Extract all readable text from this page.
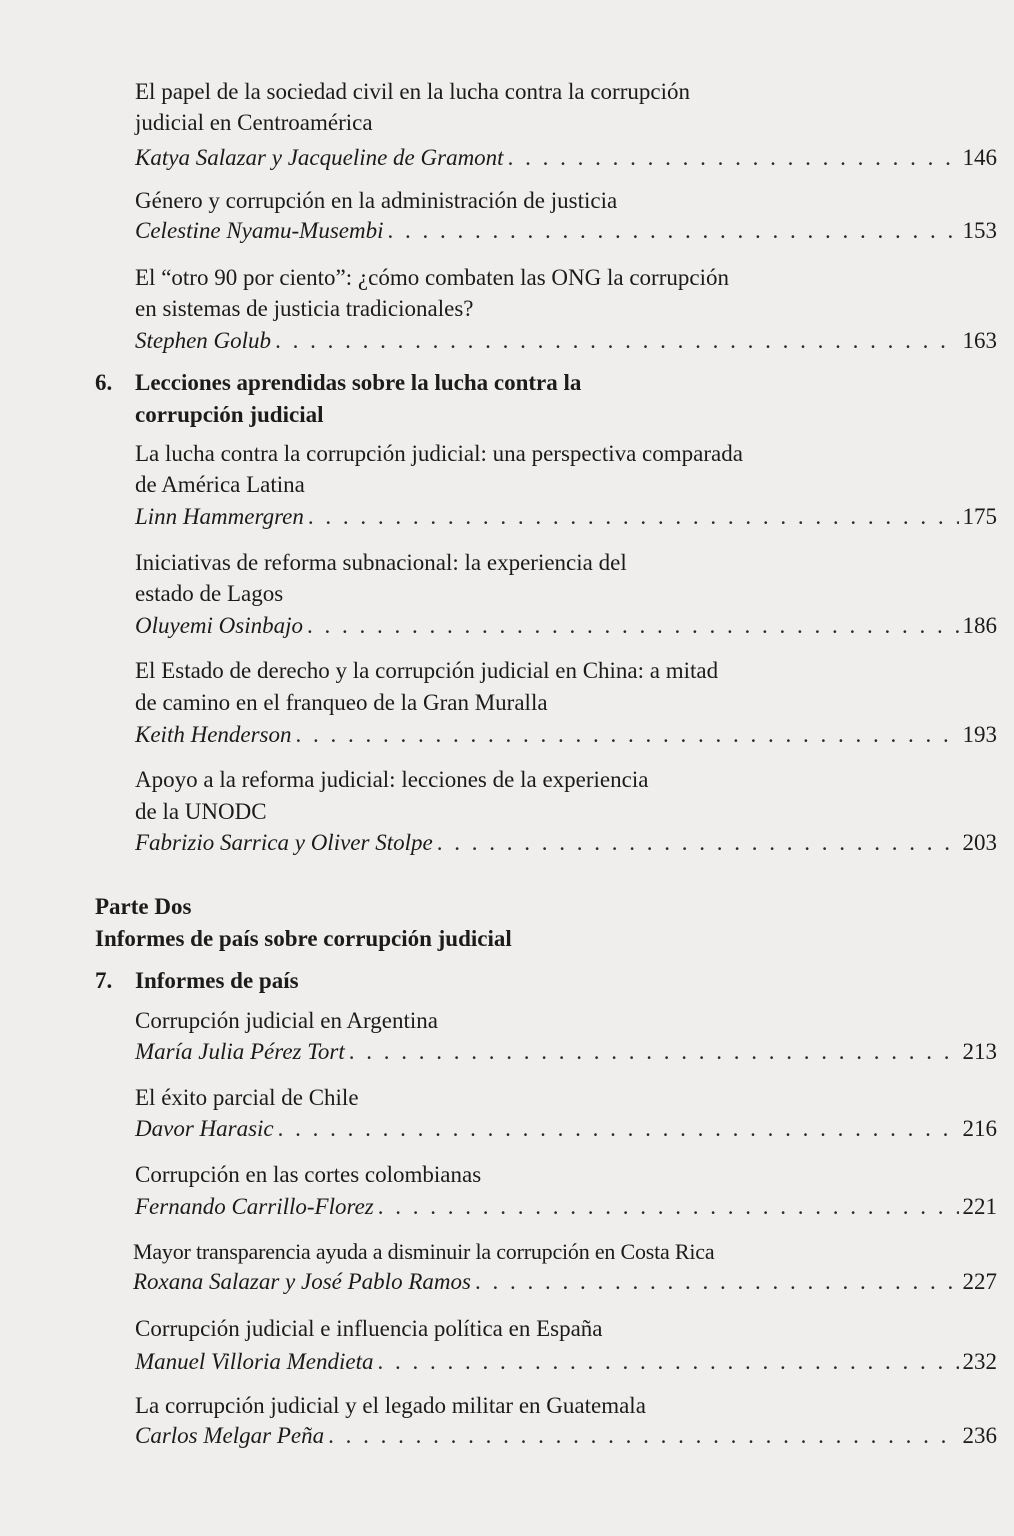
El papel de la sociedad civil en la lucha contra la corrupción
judicial en Centroamérica
Katya Salazar y Jacqueline de Gramont . . .	146
Género y corrupción en la administración de justicia
Celestine Nyamu-Musembi . . .	153
El “otro 90 por ciento”: ¿cómo combaten las ONG la corrupción
en sistemas de justicia tradicionales?
Stephen Golub . . .	163
6. Lecciones aprendidas sobre la lucha contra la
corrupción judicial
La lucha contra la corrupción judicial: una perspectiva comparada
de América Latina
Linn Hammergren . . .	175
Iniciativas de reforma subnacional: la experiencia del
estado de Lagos
Oluyemi Osinbajo . . .	186
El Estado de derecho y la corrupción judicial en China: a mitad
de camino en el franqueo de la Gran Muralla
Keith Henderson . . .	193
Apoyo a la reforma judicial: lecciones de la experiencia
de la UNODC
Fabrizio Sarrica y Oliver Stolpe . . .	203
Parte Dos
Informes de país sobre corrupción judicial
7. Informes de país
Corrupción judicial en Argentina
María Julia Pérez Tort . . .	213
El éxito parcial de Chile
Davor Harasic . . .	216
Corrupción en las cortes colombianas
Fernando Carrillo-Florez . . .	221
Mayor transparencia ayuda a disminuir la corrupción en Costa Rica
Roxana Salazar y José Pablo Ramos . . .	227
Corrupción judicial e influencia política en España
Manuel Villoria Mendieta . . .	232
La corrupción judicial y el legado militar en Guatemala
Carlos Melgar Peña . . .	236
